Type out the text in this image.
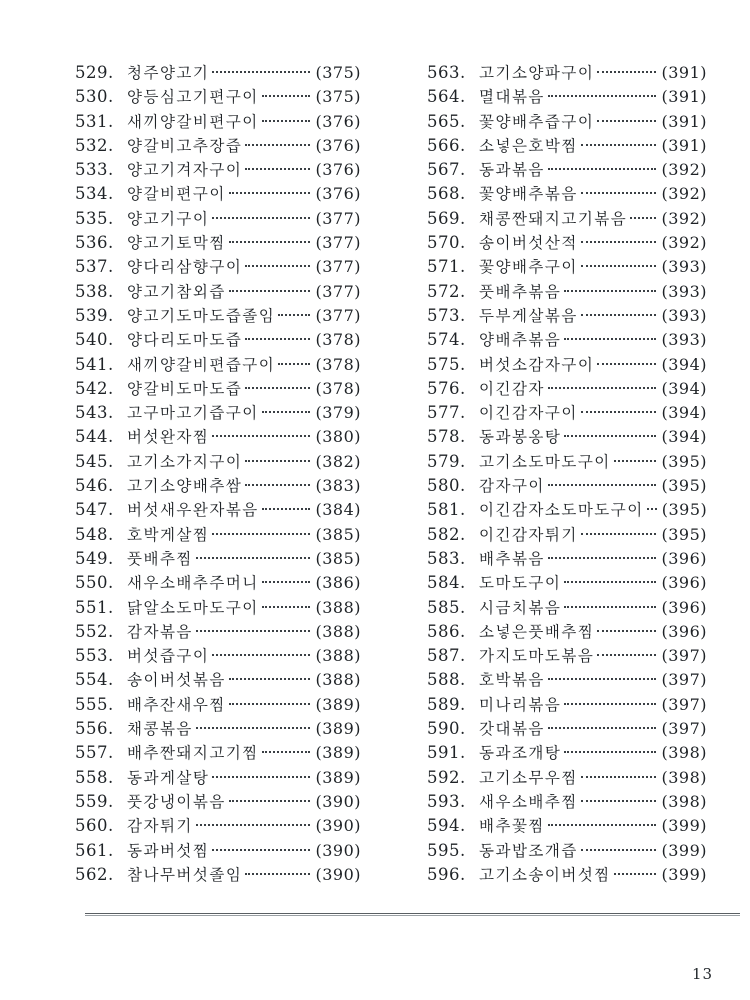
529. 청주양고기	(375)
530. 양등심고기편구이	(375)
531. 새끼양갈비편구이	(376)
532. 양갈비고추장즙	(376)
533. 양고기겨자구이	(376)
534. 양갈비편구이	(376)
535. 양고기구이	(377)
536. 양고기토막찜	(377)
537. 양다리삼향구이	(377)
538. 양고기참외즙	(377)
539. 양고기도마도즙졸임	(377)
540. 양다리도마도즙	(378)
541. 새끼양갈비편즙구이	(378)
542. 양갈비도마도즙	(378)
543. 고구마고기즙구이	(379)
544. 버섯완자찜	(380)
545. 고기소가지구이	(382)
546. 고기소양배추쌈	(383)
547. 버섯새우완자볶음	(384)
548. 호박게살찜	(385)
549. 풋배추찜	(385)
550. 새우소배추주머니	(386)
551. 닭알소도마도구이	(388)
552. 감자볶음	(388)
553. 버섯즙구이	(388)
554. 송이버섯볶음	(388)
555. 배추잔새우찜	(389)
556. 채콩볶음	(389)
557. 배추짠돼지고기찜	(389)
558. 동과게살탕	(389)
559. 풋강냉이볶음	(390)
560. 감자튀기	(390)
561. 동과버섯찜	(390)
562. 참나무버섯졸임	(390)
563. 고기소양파구이	(391)
564. 멸대볶음	(391)
565. 꽃양배추즙구이	(391)
566. 소넣은호박찜	(391)
567. 동과볶음	(392)
568. 꽃양배추볶음	(392)
569. 채콩짠돼지고기볶음 (392)
570. 송이버섯산적	(392)
571. 꽃양배추구이	(393)
572. 풋배추볶음	(393)
573. 두부게살볶음	(393)
574. 양배추볶음	(393)
575. 버섯소감자구이	(394)
576. 이긴감자	(394)
577. 이긴감자구이	(394)
578. 동과봉옹탕	(394)
579. 고기소도마도구이	(395)
580. 감자구이	(395)
581. 이긴감자소도마도구이 (395)
582. 이긴감자튀기	(395)
583. 배추볶음	(396)
584. 도마도구이	(396)
585. 시금치볶음	(396)
586. 소넣은풋배추찜	(396)
587. 가지도마도볶음	(397)
588. 호박볶음	(397)
589. 미나리볶음	(397)
590. 갓대볶음	(397)
591. 동과조개탕	(398)
592. 고기소무우찜	(398)
593. 새우소배추찜	(398)
594. 배추꽃찜	(399)
595. 동과밥조개즙	(399)
596. 고기소송이버섯찜	(399)
13
